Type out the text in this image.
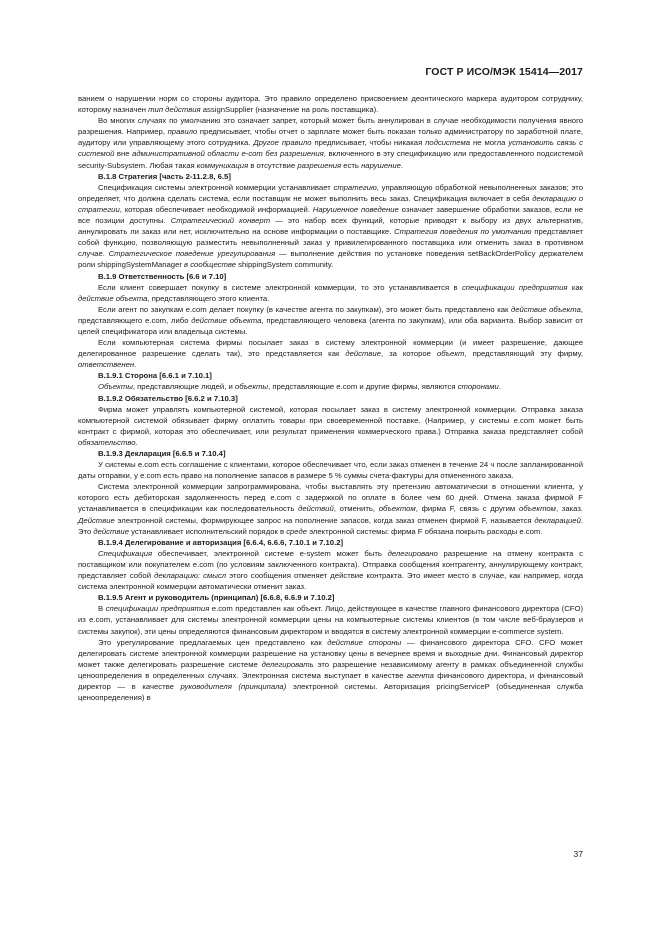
ГОСТ Р ИСО/МЭК 15414—2017

ванием о нарушении норм со стороны аудитора. Это правило определено присвоением деонтического маркера аудитором сотруднику, которому назначен тип действия assignSupplier (назначение на роль поставщика).

Во многих случаях по умолчанию это означает запрет, который может быть аннулирован в случае необходимости получения явного разрешения. Например, правило предписывает, чтобы отчет о зарплате может быть показан только администратору по заработной плате, аудитору или управляющему этого сотрудника. Другое правило предписывает, чтобы никакая подсистема не могла установить связь с системой вне административной области e-com без разрешения, включенного в эту спецификацию или предоставленного подсистемой security-Subsystem. Любая такая коммуникация в отсутствие разрешения есть нарушение.

B.1.8 Стратегия [часть 2-11.2.8, 6.5]

Спецификация системы электронной коммерции устанавливает стратегию, управляющую обработкой невыполненных заказов; это определяет, что должна сделать система, если поставщик не может выполнить весь заказ. Спецификация включает в себя декларацию о стратегии, которая обеспечивает необходимой информацией. Нарушенное поведение означает завершение обработки заказов, если не все позиции доступны. Стратегический конверт — это набор всех функций, которые приводят к выбору из двух альтернатив, аннулировать ли заказ или нет, исключительно на основе информации о поставщике. Стратегия поведения по умолчанию представляет собой функцию, позволяющую разместить невыполненный заказ у привилегированного поставщика или отменить заказ в противном случае. Стратегическое поведение урегулирования — выполнение действия по установке поведения setBackOrderPolicy держателем роли shippingSystemManager в сообществе shippingSystem community.

B.1.9 Ответственность [6.6 и 7.10]

Если клиент совершает покупку в системе электронной коммерции, то это устанавливается в спецификации предприятия как действие объекта, представляющего этого клиента.

Если агент по закупкам e.com делает покупку (в качестве агента по закупкам), это может быть представлено как действие объекта, представляющего e.com, либо действие объекта, представляющего человека (агента по закупкам), или оба варианта. Выбор зависит от целей спецификатора или владельца системы.

Если компьютерная система фирмы посылает заказ в систему электронной коммерции (и имеет разрешение, дающее делегированное разрешение сделать так), это представляется как действие, за которое объект, представляющий эту фирму, ответственен.

B.1.9.1 Сторона [6.6.1 и 7.10.1]

Объекты, представляющие людей, и объекты, представляющие e.com и другие фирмы, являются сторонами.

B.1.9.2 Обязательство [6.6.2 и 7.10.3]

Фирма может управлять компьютерной системой, которая посылает заказ в систему электронной коммерции. Отправка заказа компьютерной системой обязывает фирму оплатить товары при своевременной поставке. (Например, у системы e.com может быть контракт с фирмой, которая это обеспечивает, или результат применения коммерческого права.) Отправка заказа представляет собой обязательство.

B.1.9.3 Декларация [6.6.5 и 7.10.4]

У системы e.com есть соглашение с клиентами, которое обеспечивает что, если заказ отменен в течение 24 ч после запланированной даты отправки, у e.com есть право на пополнение запасов в размере 5 % суммы счета-фактуры для отмененного заказа.

Система электронной коммерции запрограммирована, чтобы выставлять эту претензию автоматически в отношении клиента, у которого есть дебиторская задолженность перед e.com с задержкой по оплате в более чем 60 дней. Отмена заказа фирмой F устанавливается в спецификации как последовательность действий, отменить, объектом, фирма F, связь с другим объектом, заказ. Действие электронной системы, формирующее запрос на пополнение запасов, когда заказ отменен фирмой F, называется декларацией. Это действие устанавливает исполнительский порядок в среде электронной системы: фирма F обязана покрыть расходы e.com.

B.1.9.4 Делегирование и авторизация [6.6.4, 6.6.6, 7.10.1 и 7.10.2]

Спецификация обеспечивает, электронной системе e-system может быть делегировано разрешение на отмену контракта с поставщиком или покупателем e.com (по условиям заключенного контракта). Отправка сообщения контрагенту, аннулирующему контракт, представляет собой декларацию: смысл этого сообщения отменяет действие контракта. Это имеет место в случае, как например, когда система электронной коммерции автоматически отменит заказ.

B.1.9.5 Агент и руководитель (принципал) [6.6.8, 6.6.9 и 7.10.2]

В спецификации предприятия e.com представлен как объект. Лицо, действующее в качестве главного финансового директора (CFO) из e.com, устанавливает для системы электронной коммерции цены на компьютерные системы клиентов (в том числе веб-браузеров и системы закупок), эти цены определяются финансовым директором и вводятся в систему электронной коммерции e-commerce system.

Это урегулирование предлагаемых цен представлено как действие стороны — финансового директора CFO. CFO может делегировать системе электронной коммерции разрешение на установку цены в вечернее время и выходные дни. Финансовый директор может также делегировать разрешение системе делегировать это разрешение независимому агенту в рамках объединенной службы ценоопределения в определенных случаях. Электронная система выступает в качестве агента финансового директора, и финансовый директор — в качестве руководителя (принципала) электронной системы. Авторизация pricingServiceP (объединенная служба ценоопределения) в

37
